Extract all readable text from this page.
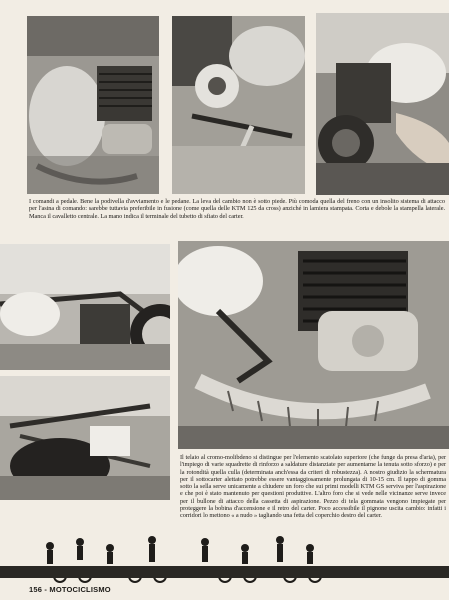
I comandi a pedale. Bene la podivella d'avviamento e le pedane. La leva del cambio non è sotto piede. Più comoda quella del freno con un insolito sistema di attacco per l'asina di comando: sarebbe tuttavia preferibile in fusione (come quella delle KTM 125 da cross) anziché in lamiera stampata. Corta e debole la stampella laterale. Manca il cavalletto centrale. La mano indica il terminale del tubetto di sfiato del carter.

Il telaio al cromo-molibdeno si distingue per l'elemento scatolato superiore (che funge da presa d'aria), per l'impiego di varie squadrette di rinforzo a saldature distanziate per aumentarne la tenuta sotto sforzo) e per la rotondità quella culla (determinata anch'essa da criteri di robustezza). A nostro giudizio la schermatura per il sottocarter alettato potrebbe essere vantaggiosamente prolungata di 10-15 cm. Il tappo di gomma sotto la sella serve unicamente a chiudere un foro che sui primi modelli KTM GS serviva per l'aspirazione e che poi è stato mantenuto per questioni produttive. L'altro foro che si vede nelle vicinanze serve invece per il bullone di attacco della cassetta di aspirazione. Pezzo di tela gommata vengono impiegate per proteggere la bobina d'accensione e il retro del carter. Poco accessibile il pignone uscita cambio: infatti i corridori lo mettono « a nudo » tagliando una fetta del coperchio destro del carter.

156 - MOTOCICLISMO
